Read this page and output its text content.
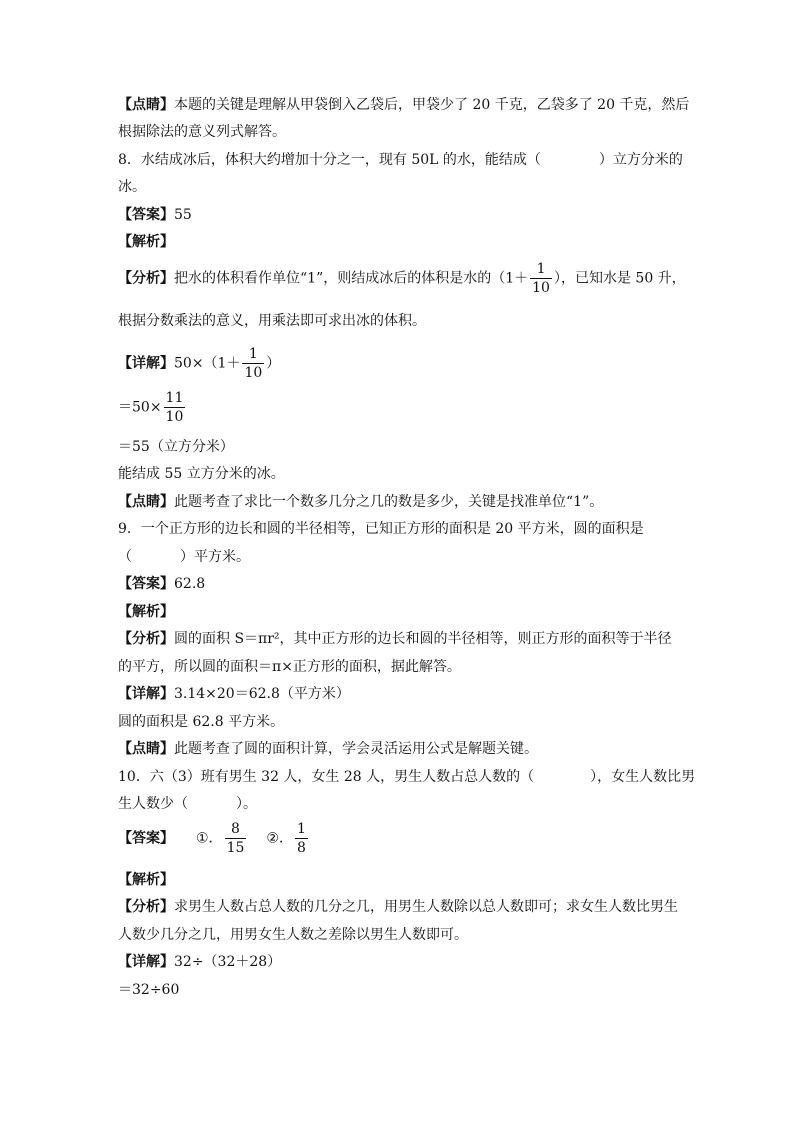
【点睛】本题的关键是理解从甲袋倒入乙袋后，甲袋少了 20 千克，乙袋多了 20 千克，然后
根据除法的意义列式解答。
8．水结成冰后，体积大约增加十分之一，现有 50L 的水，能结成（	）立方分米的
冰。
【答案】55
【解析】
【分析】把水的体积看作单位“1”，则结成冰后的体积是水的（$1+ \frac{1}{10}$ ），已知水是 50 升，
根据分数乘法的意义，用乘法即可求出冰的体积。
【详解】$50\times(1+ \frac{1}{10}$ ）
$=50\times \frac{11}{10}$
＝55（立方分米）
能结成 55 立方分米的冰。
【点睛】此题考查了求比一个数多几分之几的数是多少，关键是找准单位“1”。
9．一个正方形的边长和圆的半径相等，已知正方形的面积是 20 平方米，圆的面积是
（	）平方米。
【答案】62.8
【解析】
【分析】圆的面积 S＝πr²，其中正方形的边长和圆的半径相等，则正方形的面积等于半径
的平方，所以圆的面积＝π×正方形的面积，据此解答。
【详解】3.14×20＝62.8（平方米）
圆的面积是 62.8 平方米。
【点睛】此题考查了圆的面积计算，学会灵活运用公式是解题关键。
10．六（3）班有男生 32 人，女生 28 人，男生人数占总人数的（	），女生人数比男
生人数少（	）。
【答案】 ①． $\frac{8}{15}$ ②． $\frac{1}{8}$
【解析】
【分析】求男生人数占总人数的几分之几，用男生人数除以总人数即可；求女生人数比男生
人数少几分之几，用男女生人数之差除以男生人数即可。
【详解】32÷（32＋28）
＝32÷60
